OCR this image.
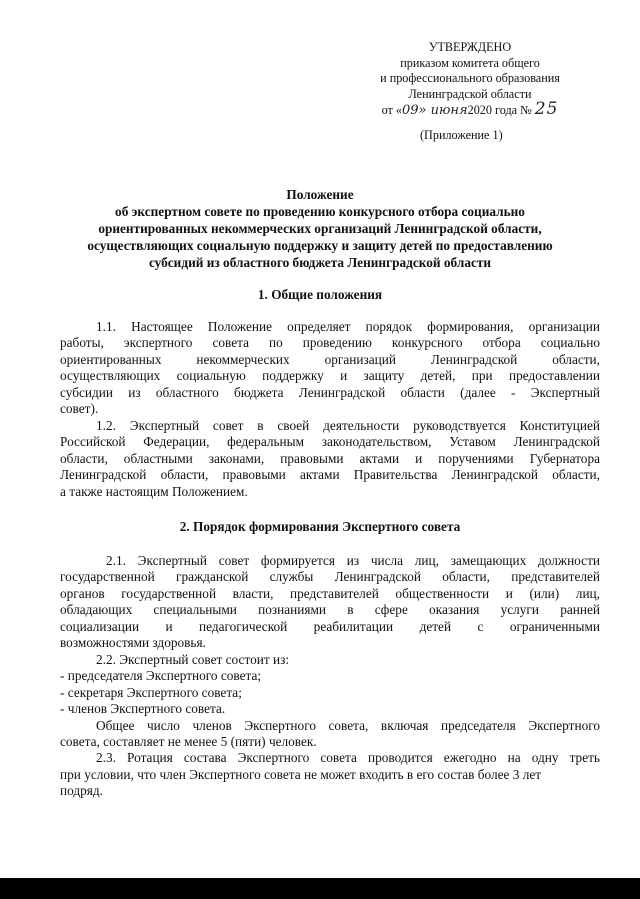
УТВЕРЖДЕНО
приказом комитета общего
и профессионального образования
Ленинградской области
от «09» июня2020 года № 25
(Приложение 1)
Положение
об экспертном совете по проведению конкурсного отбора социально
ориентированных некоммерческих организаций Ленинградской области,
осуществляющих социальную поддержку и защиту детей по предоставлению
субсидий из областного бюджета Ленинградской области
1. Общие положения
1.1. Настоящее Положение определяет порядок формирования, организации
работы, экспертного совета по проведению конкурсного отбора социально
ориентированных некоммерческих организаций Ленинградской области,
осуществляющих социальную поддержку и защиту детей, при предоставлении
субсидии из областного бюджета Ленинградской области (далее - Экспертный
совет).
1.2. Экспертный совет в своей деятельности руководствуется Конституцией
Российской Федерации, федеральным законодательством, Уставом Ленинградской
области, областными законами, правовыми актами и поручениями Губернатора
Ленинградской области, правовыми актами Правительства Ленинградской области,
а также настоящим Положением.
2. Порядок формирования Экспертного совета
2.1. Экспертный совет формируется из числа лиц, замещающих должности
государственной гражданской службы Ленинградской области, представителей
органов государственной власти, представителей общественности и (или) лиц,
обладающих специальными познаниями в сфере оказания услуги ранней
социализации и педагогической реабилитации детей с ограниченными
возможностями здоровья.
2.2. Экспертный совет состоит из:
- председателя Экспертного совета;
- секретаря Экспертного совета;
- членов Экспертного совета.
Общее число членов Экспертного совета, включая председателя Экспертного
совета, составляет не менее 5 (пяти) человек.
2.3. Ротация состава Экспертного совета проводится ежегодно на одну треть
при условии, что член Экспертного совета не может входить в его состав более 3 лет
подряд.
